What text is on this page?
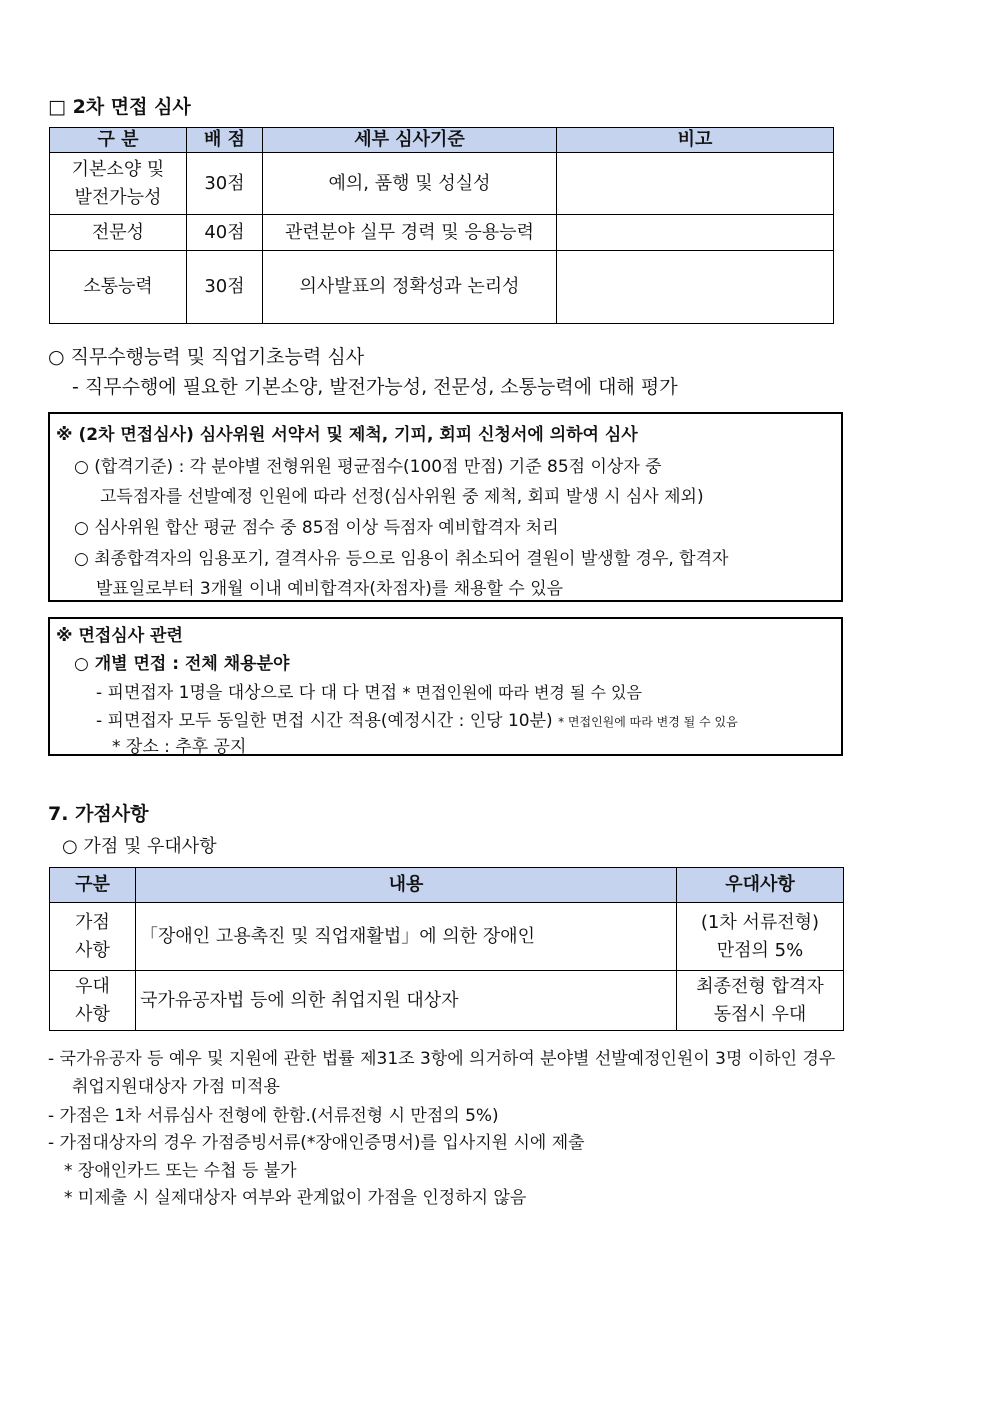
□ 2차 면접 심사
구 분	배 점	세부 심사기준	비고
기본소양 및
발전가능성	30점	예의, 품행 및 성실성	
전문성	40점	관련분야 실무 경력 및 응용능력	
소통능력	30점	의사발표의 정확성과 논리성	
○ 직무수행능력 및 직업기초능력 심사
- 직무수행에 필요한 기본소양, 발전가능성, 전문성, 소통능력에 대해 평가
※ (2차 면접심사) 심사위원 서약서 및 제척, 기피, 회피 신청서에 의하여 심사
○ (합격기준) : 각 분야별 전형위원 평균점수(100점 만점) 기준 85점 이상자 중
고득점자를 선발예정 인원에 따라 선정(심사위원 중 제척, 회피 발생 시 심사 제외)
○ 심사위원 합산 평균 점수 중 85점 이상 득점자 예비합격자 처리
○ 최종합격자의 임용포기, 결격사유 등으로 임용이 취소되어 결원이 발생할 경우, 합격자
발표일로부터 3개월 이내 예비합격자(차점자)를 채용할 수 있음
※ 면접심사 관련
○ 개별 면접 : 전체 채용분야
- 피면접자 1명을 대상으로 다 대 다 면접 * 면접인원에 따라 변경 될 수 있음
- 피면접자 모두 동일한 면접 시간 적용(예정시간 : 인당 10분) * 면접인원에 따라 변경 될 수 있음
* 장소 : 추후 공지
7. 가점사항
○ 가점 및 우대사항
구분	내용	우대사항
가점
사항	「장애인 고용촉진 및 직업재활법」에 의한 장애인	(1차 서류전형)
만점의 5%
우대
사항	국가유공자법 등에 의한 취업지원 대상자	최종전형 합격자
동점시 우대
- 국가유공자 등 예우 및 지원에 관한 법률 제31조 3항에 의거하여 분야별 선발예정인원이 3명 이하인 경우
취업지원대상자 가점 미적용
- 가점은 1차 서류심사 전형에 한함.(서류전형 시 만점의 5%)
- 가점대상자의 경우 가점증빙서류(*장애인증명서)를 입사지원 시에 제출
* 장애인카드 또는 수첩 등 불가
* 미제출 시 실제대상자 여부와 관계없이 가점을 인정하지 않음
